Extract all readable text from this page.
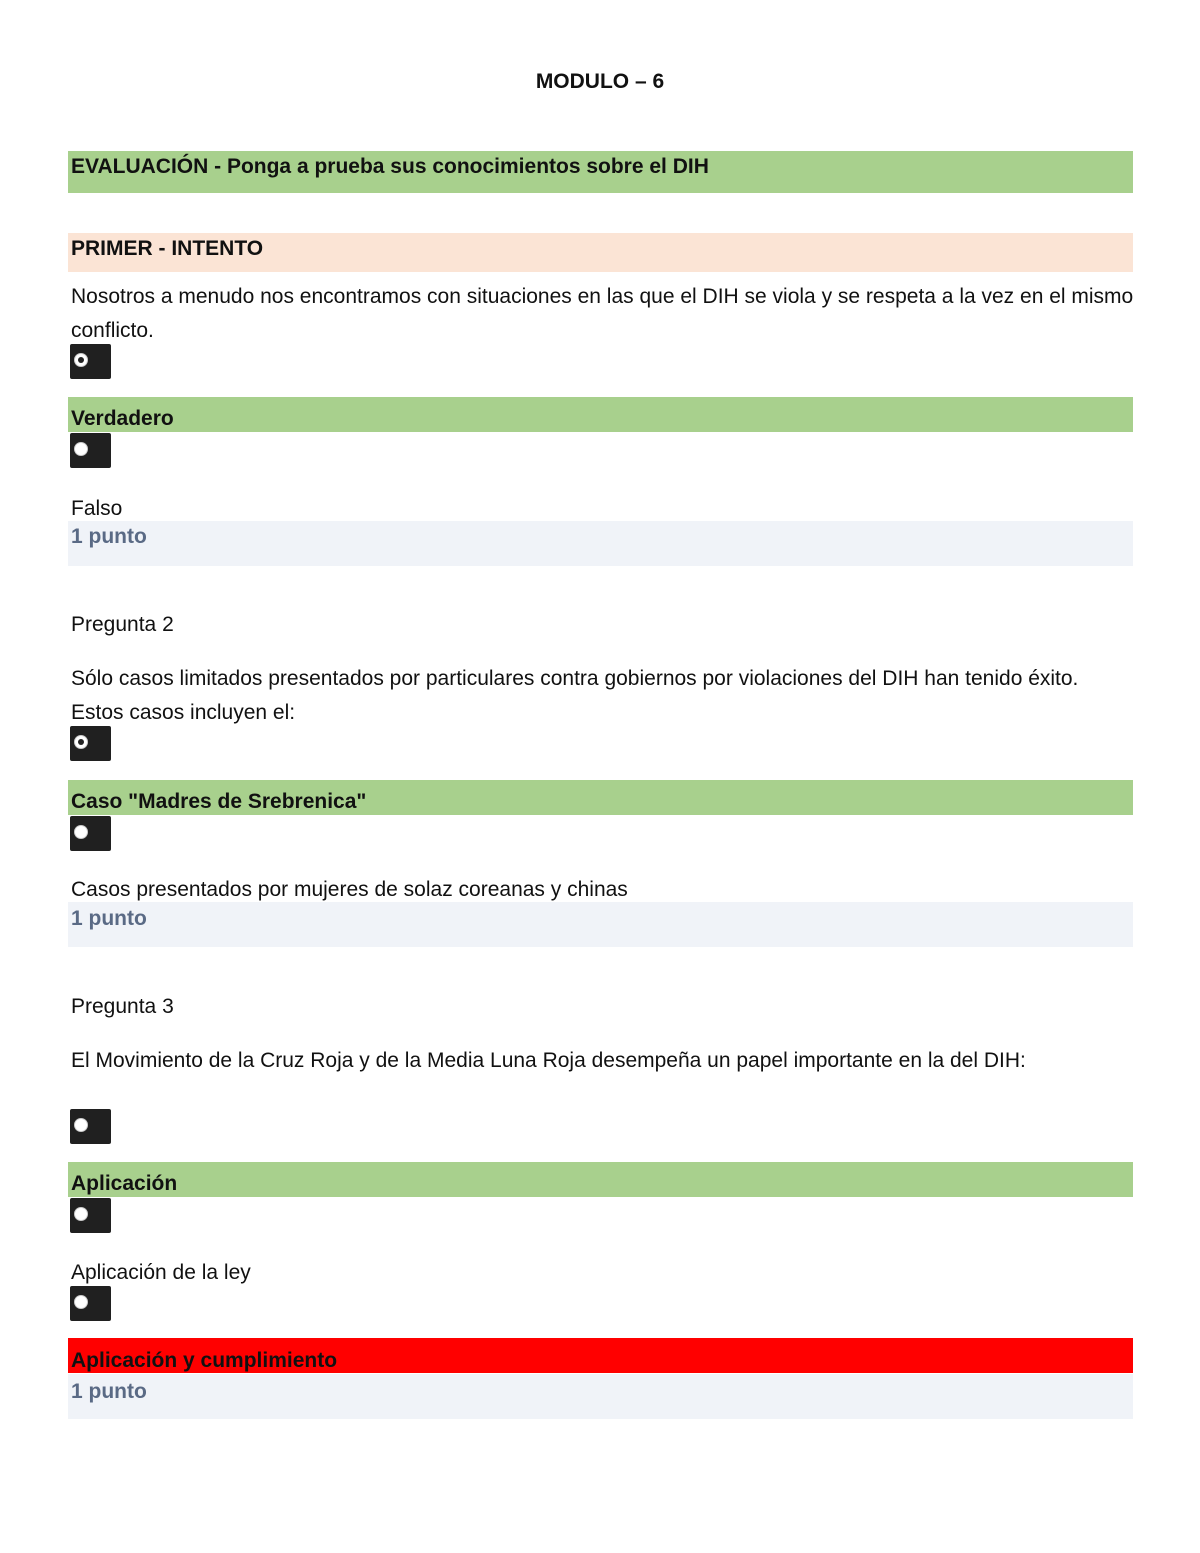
MODULO – 6
EVALUACIÓN - Ponga a prueba sus conocimientos sobre el DIH
PRIMER - INTENTO
Nosotros a menudo nos encontramos con situaciones en las que el DIH se viola y se respeta a la vez en el mismo conflicto.
Verdadero
Falso
1 punto
Pregunta 2
Sólo casos limitados presentados por particulares contra gobiernos por violaciones del DIH han tenido éxito. Estos casos incluyen el:
Caso "Madres de Srebrenica"
Casos presentados por mujeres de solaz coreanas y chinas
1 punto
Pregunta 3
El Movimiento de la Cruz Roja y de la Media Luna Roja desempeña un papel importante en la del DIH:
Aplicación
Aplicación de la ley
Aplicación y cumplimiento
1 punto
